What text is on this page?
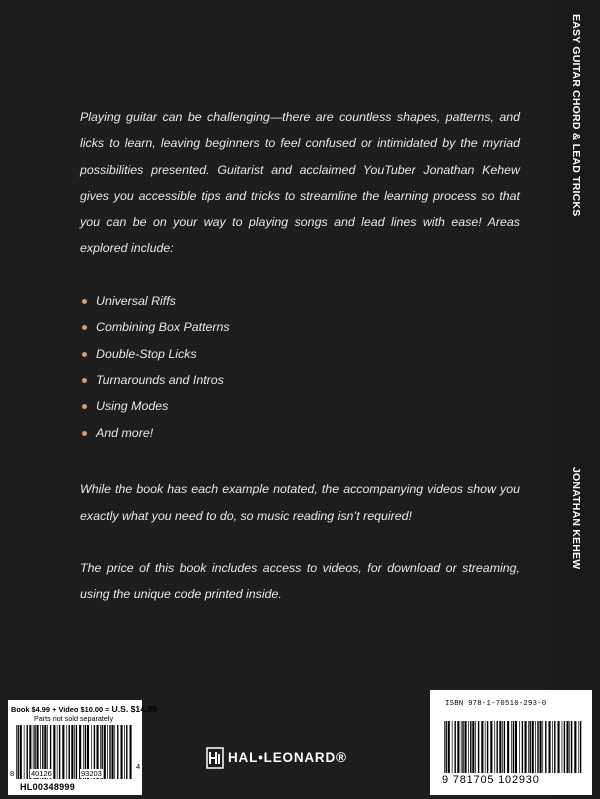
EASY GUITAR CHORD & LEAD TRICKS
JONATHAN KEHEW

Playing guitar can be challenging—there are countless shapes, patterns, and licks to learn, leaving beginners to feel confused or intimidated by the myriad possibilities presented. Guitarist and acclaimed YouTuber Jonathan Kehew gives you accessible tips and tricks to streamline the learning process so that you can be on your way to playing songs and lead lines with ease! Areas explored include:

Universal Riffs
Combining Box Patterns
Double-Stop Licks
Turnarounds and Intros
Using Modes
And more!

While the book has each example notated, the accompanying videos show you exactly what you need to do, so music reading isn’t required!

The price of this book includes access to videos, for download or streaming, using the unique code printed inside.

Book $4.99 + Video $10.00 = U.S. $14.99
Parts not sold separately
8 40126	93203
4
HL00348999
HAL•LEONARD®
ISBN 978-1-70510-293-0
9 781705 102930
